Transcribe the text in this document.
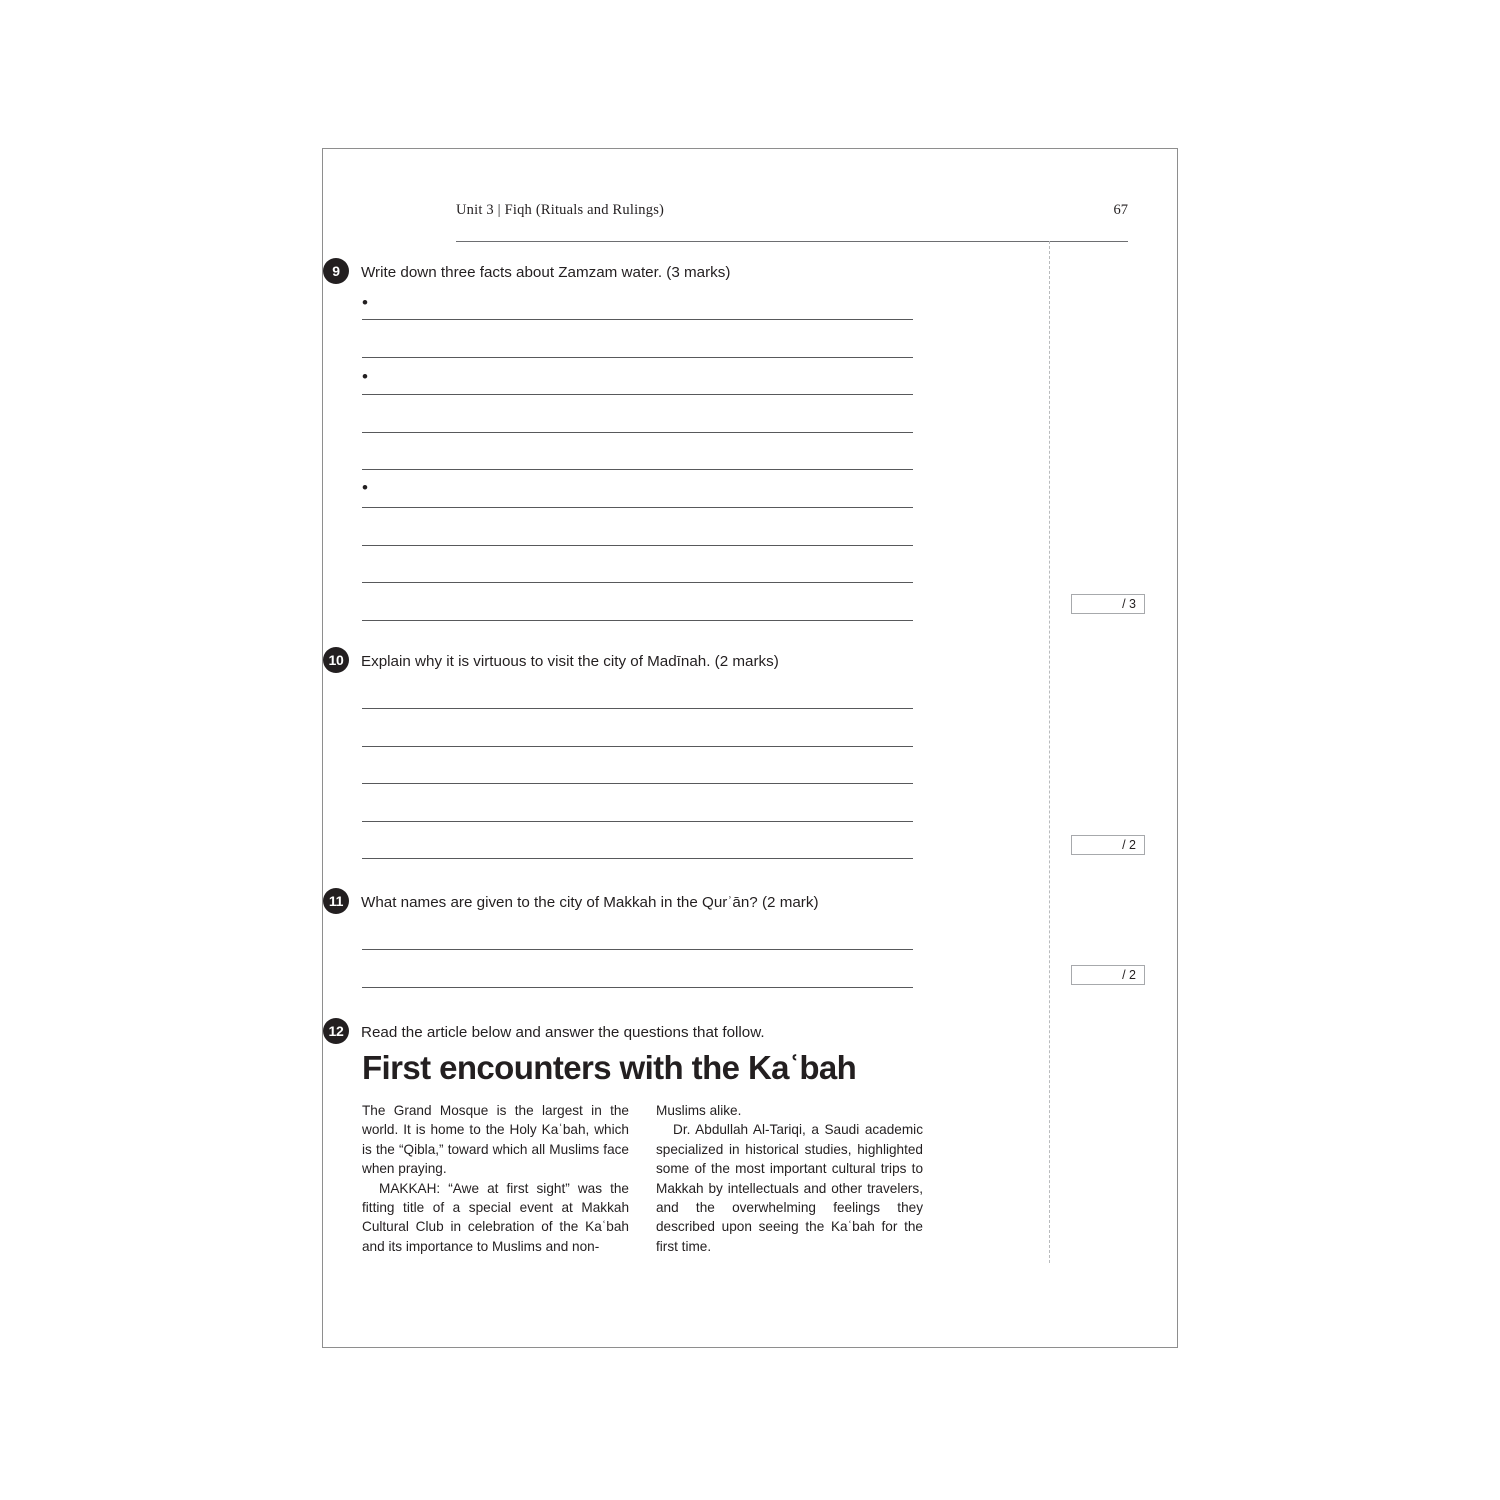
Unit 3 | Fiqh (Rituals and Rulings)	67
9	Write down three facts about Zamzam water. (3 marks)
•
•
•
/ 3
10	Explain why it is virtuous to visit the city of Madīnah. (2 marks)
/ 2
11	What names are given to the city of Makkah in the Qurʾān? (2 mark)
/ 2
12	Read the article below and answer the questions that follow.
First encounters with the Kaʿbah

The Grand Mosque is the largest in the world. It is home to the Holy Kaʿbah, which is the “Qibla,” toward which all Muslims face when praying.

MAKKAH: “Awe at first sight” was the fitting title of a special event at Makkah Cultural Club in celebration of the Kaʿbah and its importance to Muslims and non-

Muslims alike.

Dr. Abdullah Al-Tariqi, a Saudi academic specialized in historical studies, highlighted some of the most important cultural trips to Makkah by intellectuals and other travelers, and the overwhelming feelings they described upon seeing the Kaʿbah for the first time.
